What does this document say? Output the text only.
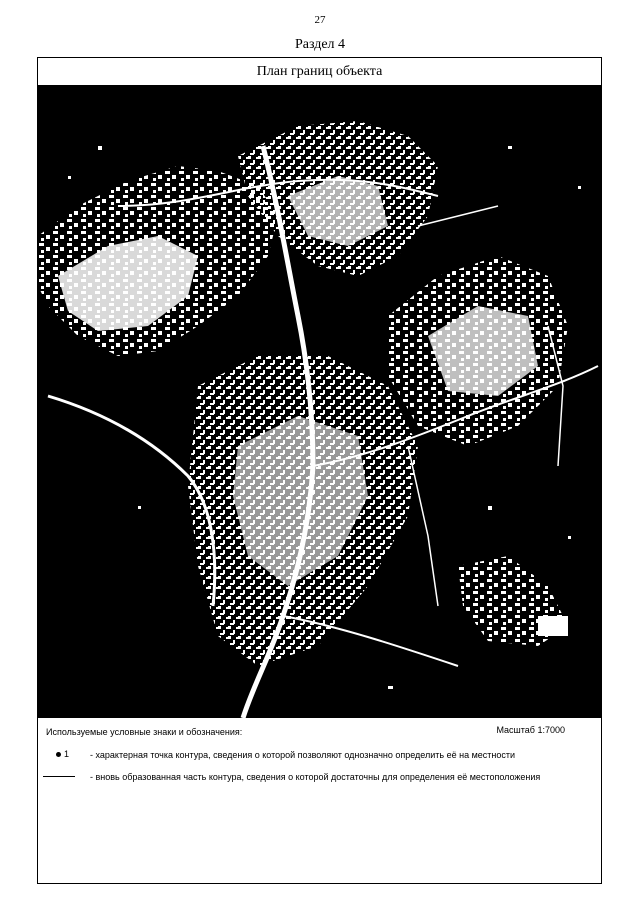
27
Раздел 4
План границ объекта
Используемые условные знаки и обозначения:	Масштаб 1:7000
1 - характерная точка контура, сведения о которой позволяют однозначно определить её на местности
- вновь образованная часть контура, сведения о которой достаточны для определения её местоположения
